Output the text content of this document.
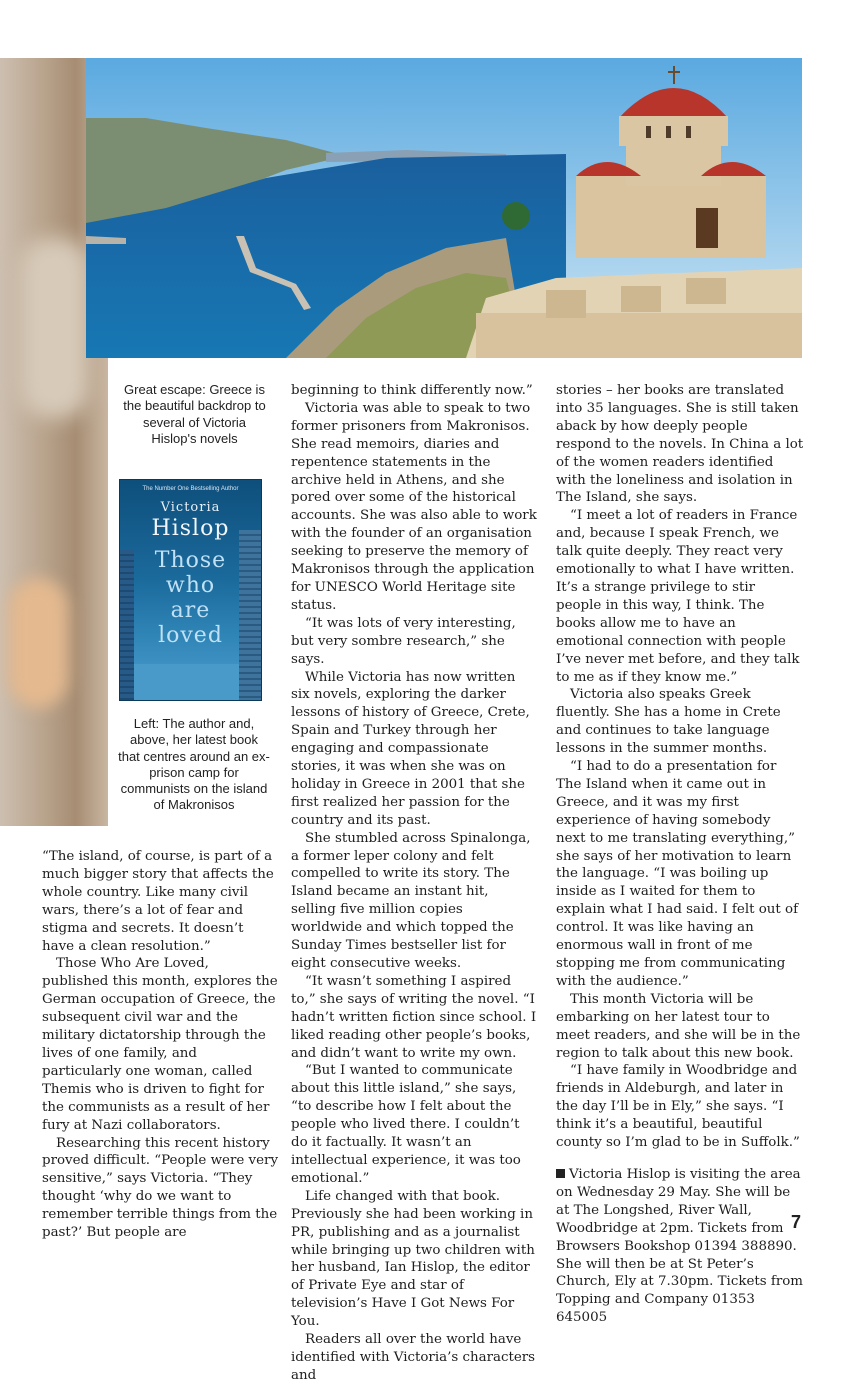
Great escape: Greece is the beautiful backdrop to several of Victoria Hislop's novels
The Number One Bestselling Author
Victoria
Hislop
Those
who
are
loved
Left: The author and, above, her latest book that centres around an ex-prison camp for communists on the island of Makronisos

“The island, of course, is part of a much bigger story that affects the whole country. Like many civil wars, there’s a lot of fear and stigma and secrets. It doesn’t have a clean resolution.”

Those Who Are Loved, published this month, explores the German occupation of Greece, the subsequent civil war and the military dictatorship through the lives of one family, and particularly one woman, called Themis who is driven to fight for the communists as a result of her fury at Nazi collaborators.

Researching this recent history proved difficult. “People were very sensitive,” says Victoria. “They thought ‘why do we want to remember terrible things from the past?’ But people are

beginning to think differently now.”

Victoria was able to speak to two former prisoners from Makronisos. She read memoirs, diaries and repentence statements in the archive held in Athens, and she pored over some of the historical accounts. She was also able to work with the founder of an organisation seeking to preserve the memory of Makronisos through the application for UNESCO World Heritage site status.

“It was lots of very interesting, but very sombre research,” she says.

While Victoria has now written six novels, exploring the darker lessons of history of Greece, Crete, Spain and Turkey through her engaging and compassionate stories, it was when she was on holiday in Greece in 2001 that she first realized her passion for the country and its past.

She stumbled across Spinalonga, a former leper colony and felt compelled to write its story. The Island became an instant hit, selling five million copies worldwide and which topped the Sunday Times bestseller list for eight consecutive weeks.

“It wasn’t something I aspired to,” she says of writing the novel. “I hadn’t written fiction since school. I liked reading other people’s books, and didn’t want to write my own.

“But I wanted to communicate about this little island,” she says, “to describe how I felt about the people who lived there. I couldn’t do it factually. It wasn’t an intellectual experience, it was too emotional.”

Life changed with that book. Previously she had been working in PR, publishing and as a journalist while bringing up two children with her husband, Ian Hislop, the editor of Private Eye and star of television’s Have I Got News For You.

Readers all over the world have identified with Victoria’s characters and

stories – her books are translated into 35 languages. She is still taken aback by how deeply people respond to the novels. In China a lot of the women readers identified with the loneliness and isolation in The Island, she says.

“I meet a lot of readers in France and, because I speak French, we talk quite deeply. They react very emotionally to what I have written. It’s a strange privilege to stir people in this way, I think. The books allow me to have an emotional connection with people I’ve never met before, and they talk to me as if they know me.”

Victoria also speaks Greek fluently. She has a home in Crete and continues to take language lessons in the summer months.

“I had to do a presentation for The Island when it came out in Greece, and it was my first experience of having somebody next to me translating everything,” she says of her motivation to learn the language. “I was boiling up inside as I waited for them to explain what I had said. I felt out of control. It was like having an enormous wall in front of me stopping me from communicating with the audience.”

This month Victoria will be embarking on her latest tour to meet readers, and she will be in the region to talk about this new book.

“I have family in Woodbridge and friends in Aldeburgh, and later in the day I’ll be in Ely,” she says. “I think it’s a beautiful, beautiful county so I’m glad to be in Suffolk.”

Victoria Hislop is visiting the area on Wednesday 29 May. She will be at The Longshed, River Wall, Woodbridge at 2pm. Tickets from Browsers Bookshop 01394 388890. She will then be at St Peter’s Church, Ely at 7.30pm. Tickets from Topping and Company 01353 645005

7
